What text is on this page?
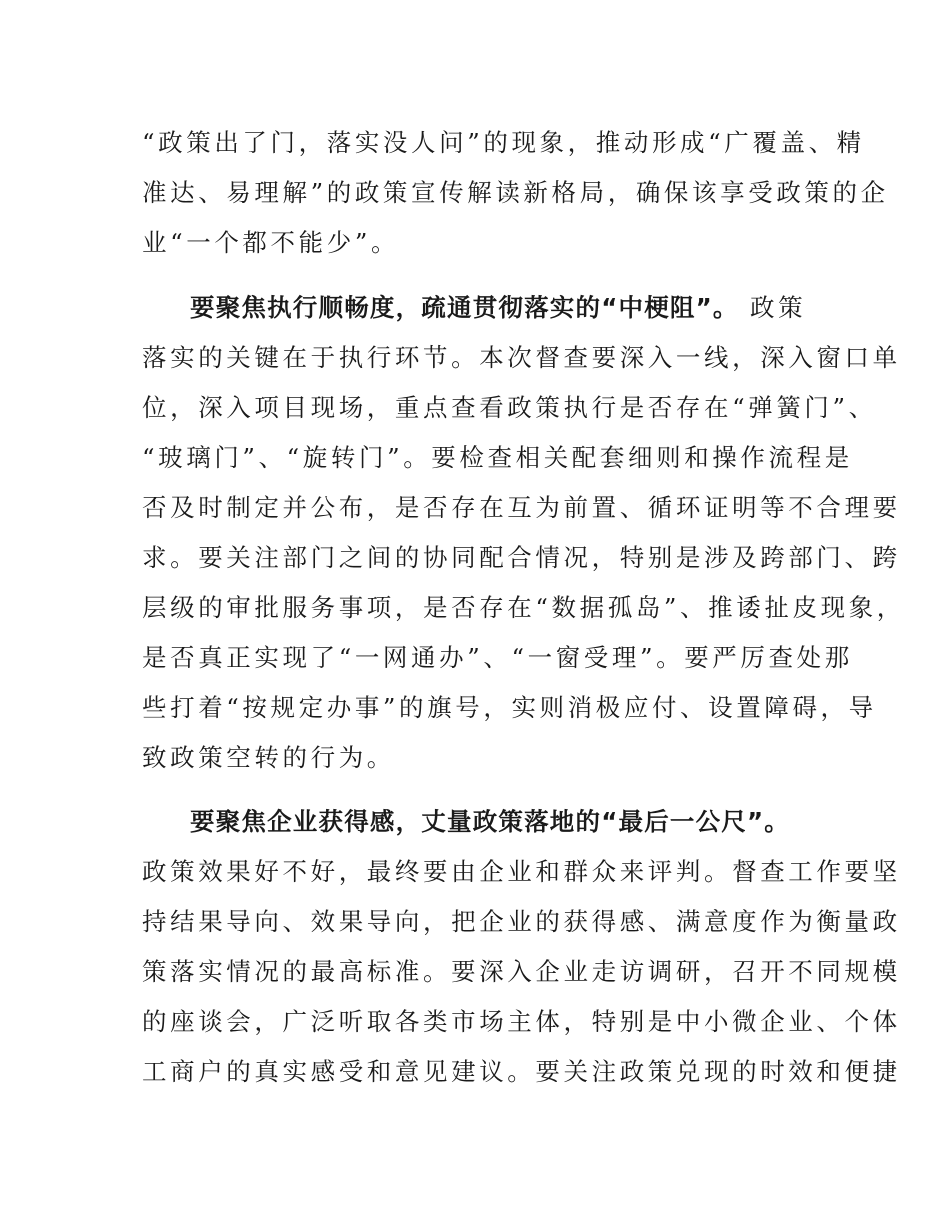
“政策出了门，落实没人问”的现象，推动形成“广覆盖、精
准达、易理解”的政策宣传解读新格局，确保该享受政策的企
业“一个都不能少”。
要聚焦执行顺畅度，疏通贯彻落实的“中梗阻”。 政策
落实的关键在于执行环节。本次督查要深入一线，深入窗口单
位，深入项目现场，重点查看政策执行是否存在“弹簧门”、
“玻璃门”、“旋转门”。要检查相关配套细则和操作流程是
否及时制定并公布，是否存在互为前置、循环证明等不合理要
求。要关注部门之间的协同配合情况，特别是涉及跨部门、跨
层级的审批服务事项，是否存在“数据孤岛”、推诿扯皮现象，
是否真正实现了“一网通办”、“一窗受理”。要严厉查处那
些打着“按规定办事”的旗号，实则消极应付、设置障碍，导
致政策空转的行为。
要聚焦企业获得感，丈量政策落地的“最后一公尺”。
政策效果好不好，最终要由企业和群众来评判。督查工作要坚
持结果导向、效果导向，把企业的获得感、满意度作为衡量政
策落实情况的最高标准。要深入企业走访调研，召开不同规模
的座谈会，广泛听取各类市场主体，特别是中小微企业、个体
工商户的真实感受和意见建议。要关注政策兑现的时效和便捷
